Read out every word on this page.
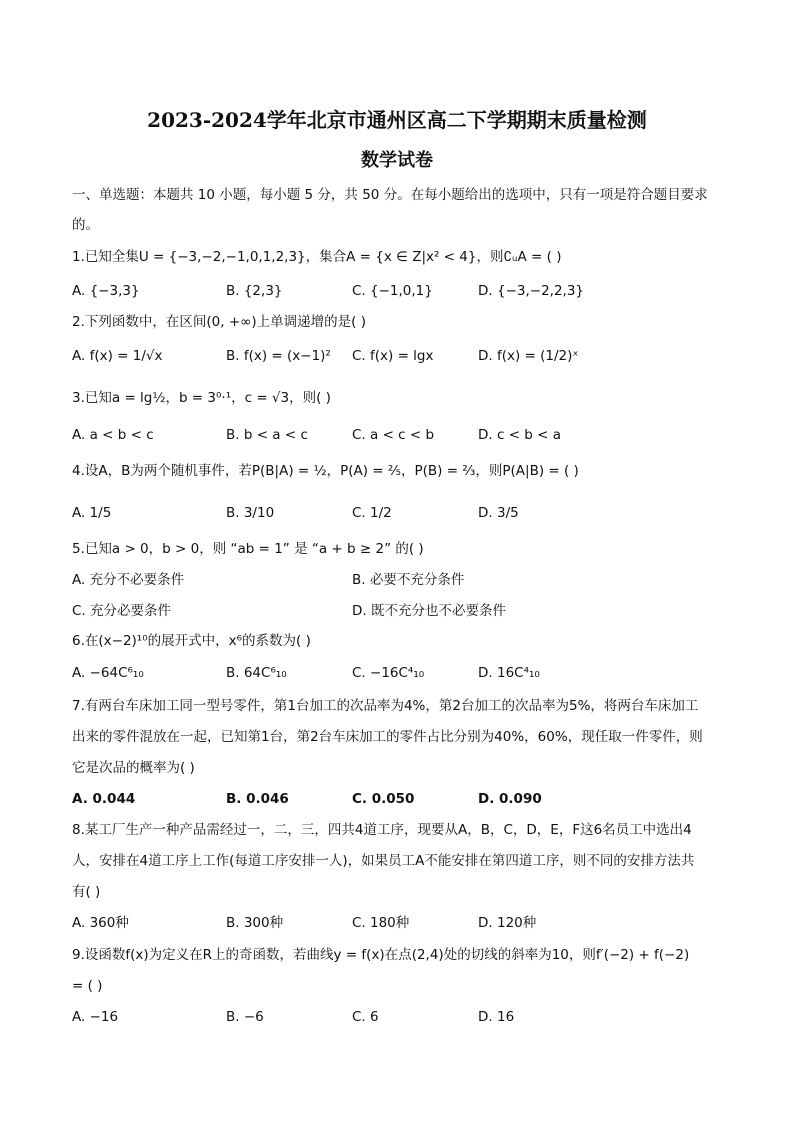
2023-2024学年北京市通州区高二下学期期末质量检测
数学试卷
一、单选题：本题共 10 小题，每小题 5 分，共 50 分。在每小题给出的选项中，只有一项是符合题目要求
的。
1.已知全集U = {−3,−2,−1,0,1,2,3}，集合A = {x ∈ Z|x² < 4}，则∁ᵤA = ( )
A. {−3,3}	B. {2,3}	C. {−1,0,1}	D. {−3,−2,2,3}
2.下列函数中，在区间(0, +∞)上单调递增的是( )
A. f(x) = 1/√x	B. f(x) = (x−1)² C. f(x) = lgx	D. f(x) = (1/2)ˣ
3.已知a = lg½，b = 3⁰·¹，c = √3，则( )
A. a < b < c	B. b < a < c	C. a < c < b	D. c < b < a
4.设A，B为两个随机事件，若P(B|A) = ½，P(A) = ⅖，P(B) = ⅔，则P(A|B) = ( )
A. 1/5	B. 3/10	C. 1/2	D. 3/5
5.已知a > 0，b > 0，则 “ab = 1” 是 “a + b ≥ 2” 的( )
A. 充分不必要条件	B. 必要不充分条件
C. 充分必要条件	D. 既不充分也不必要条件
6.在(x−2)¹⁰的展开式中，x⁶的系数为( )
A. −64C⁶₁₀	B. 64C⁶₁₀	C. −16C⁴₁₀	D. 16C⁴₁₀
7.有两台车床加工同一型号零件，第1台加工的次品率为4%，第2台加工的次品率为5%，将两台车床加工
出来的零件混放在一起，已知第1台，第2台车床加工的零件占比分别为40%，60%，现任取一件零件，则
它是次品的概率为( )
A. 0.044	B. 0.046	C. 0.050	D. 0.090
8.某工厂生产一种产品需经过一，二，三，四共4道工序，现要从A，B，C，D，E，F这6名员工中选出4
人，安排在4道工序上工作(每道工序安排一人)，如果员工A不能安排在第四道工序，则不同的安排方法共
有( )
A. 360种	B. 300种	C. 180种	D. 120种
9.设函数f(x)为定义在R上的奇函数，若曲线y = f(x)在点(2,4)处的切线的斜率为10，则f′(−2) + f(−2)
= ( )
A. −16	B. −6	C. 6	D. 16
